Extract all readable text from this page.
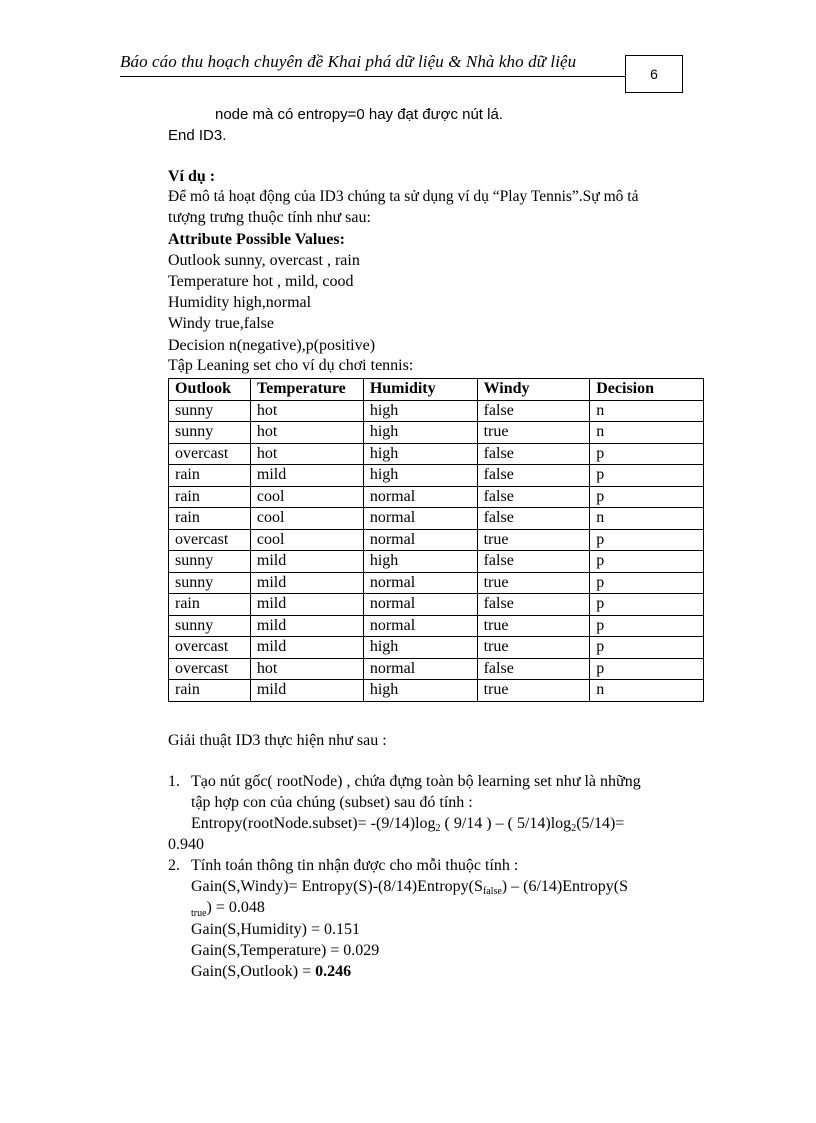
Báo cáo thu hoạch chuyên đề Khai phá dữ liệu & Nhà kho dữ liệu
6
node mà có entropy=0 hay đạt được nút lá.
End ID3.
Ví dụ :
Để mô tả hoạt động của ID3 chúng ta sử dụng ví dụ “Play Tennis”.Sự mô tả
tượng trưng thuộc tính như sau:
Attribute Possible Values:
Outlook sunny, overcast , rain
Temperature hot , mild, cood
Humidity high,normal
Windy true,false
Decision n(negative),p(positive)
Tập Leaning set cho ví dụ chơi tennis:
Outlook	Temperature	Humidity	Windy	Decision
sunny	hot	high	false	n
sunny	hot	high	true	n
overcast	hot	high	false	p
rain	mild	high	false	p
rain	cool	normal	false	p
rain	cool	normal	false	n
overcast	cool	normal	true	p
sunny	mild	high	false	p
sunny	mild	normal	true	p
rain	mild	normal	false	p
sunny	mild	normal	true	p
overcast	mild	high	true	p
overcast	hot	normal	false	p
rain	mild	high	true	n
Giải thuật ID3 thực hiện như sau :
1. Tạo nút gốc( rootNode) , chứa đựng toàn bộ learning set như là những
tập hợp con của chúng (subset) sau đó tính :
Entropy(rootNode.subset)= $-(9/14)\log_2$ ( 9/14 ) – ( $5/14)\log_2(5/14)=$
0.940
2. Tính toán thông tin nhận được cho mỗi thuộc tính :
Gain(S,Windy)= $Entropy(S)-(8/14)Entropy(S_{false})$ – (6/14)Entropy(S
$_{true}$) = 0.048
Gain(S,Humidity) = 0.151
Gain(S,Temperature) = 0.029
Gain(S,Outlook) = 0.246
